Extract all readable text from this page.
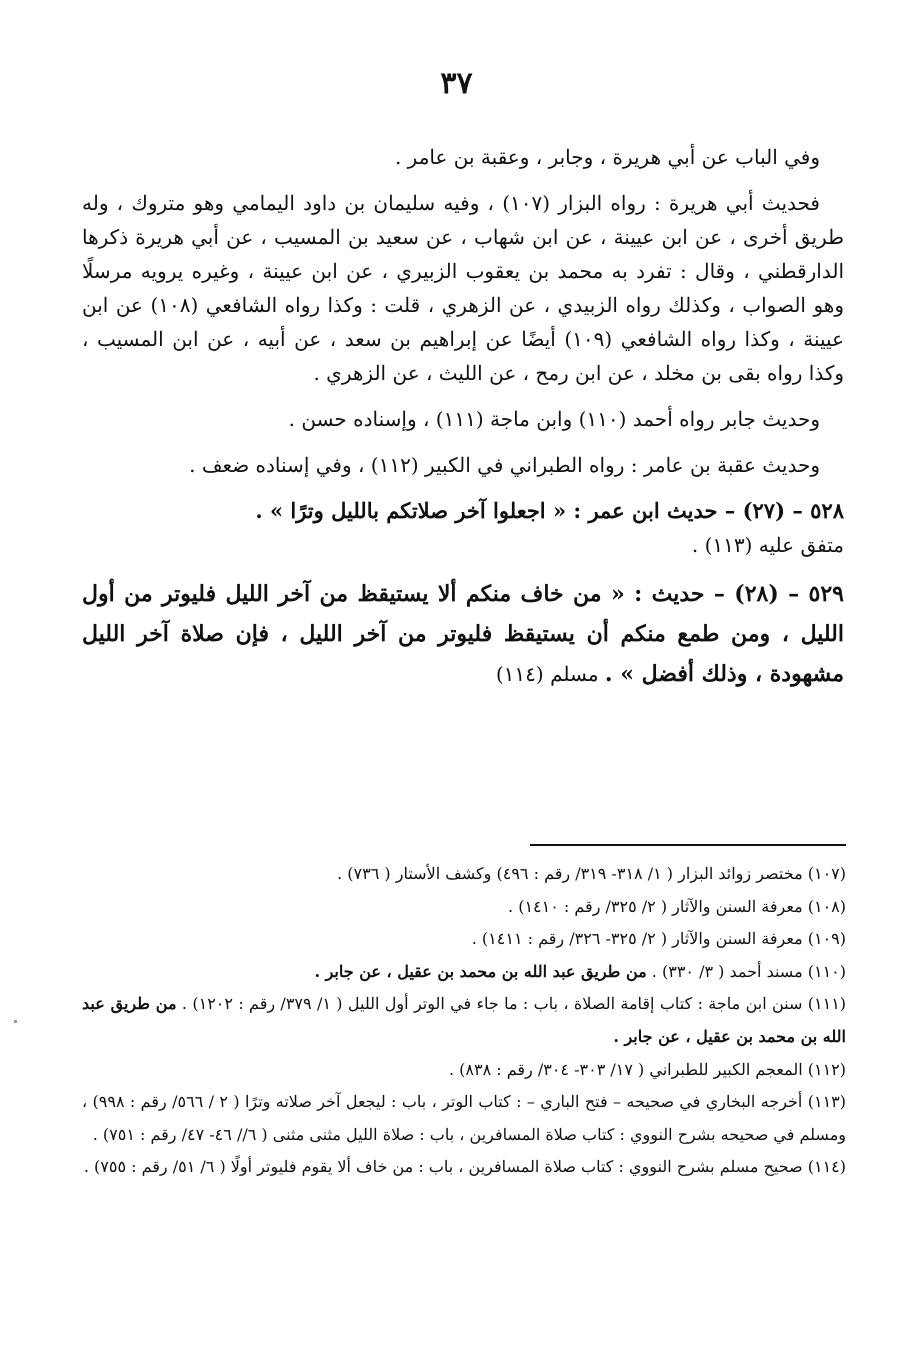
٣٧

وفي الباب عن أبي هريرة ، وجابر ، وعقبة بن عامر .

فحديث أبي هريرة : رواه البزار (١٠٧) ، وفيه سليمان بن داود اليمامي وهو متروك ، وله طريق أخرى ، عن ابن عيينة ، عن ابن شهاب ، عن سعيد بن المسيب ، عن أبي هريرة ذكرها الدارقطني ، وقال : تفرد به محمد بن يعقوب الزبيري ، عن ابن عيينة ، وغيره يرويه مرسلًا وهو الصواب ، وكذلك رواه الزبيدي ، عن الزهري ، قلت : وكذا رواه الشافعي (١٠٨) عن ابن عيينة ، وكذا رواه الشافعي (١٠٩) أيضًا عن إبراهيم بن سعد ، عن أبيه ، عن ابن المسيب ، وكذا رواه بقى بن مخلد ، عن ابن رمح ، عن الليث ، عن الزهري .

وحديث جابر رواه أحمد (١١٠) وابن ماجة (١١١) ، وإسناده حسن .

وحديث عقبة بن عامر : رواه الطبراني في الكبير (١١٢) ، وفي إسناده ضعف .

٥٢٨ – (٢٧) – حديث ابن عمر : « اجعلوا آخر صلاتكم بالليل وترًا » .

متفق عليه (١١٣) .

٥٢٩ – (٢٨) – حديث : « من خاف منكم ألا يستيقظ من آخر الليل فليوتر من أول الليل ، ومن طمع منكم أن يستيقظ فليوتر من آخر الليل ، فإن صلاة آخر الليل مشهودة ، وذلك أفضل » . مسلم (١١٤)

(١٠٧) مختصر زوائد البزار ( ١/ ٣١٨- ٣١٩/ رقم : ٤٩٦) وكشف الأستار ( ٧٣٦) .

(١٠٨) معرفة السنن والآثار ( ٢/ ٣٢٥/ رقم : ١٤١٠) .

(١٠٩) معرفة السنن والآثار ( ٢/ ٣٢٥- ٣٢٦/ رقم : ١٤١١) .

(١١٠) مسند أحمد ( ٣/ ٣٣٠) . من طريق عبد الله بن محمد بن عقيل ، عن جابر .

(١١١) سنن ابن ماجة : كتاب إقامة الصلاة ، باب : ما جاء في الوتر أول الليل ( ١/ ٣٧٩/ رقم : ١٢٠٢) . من طريق عبد الله بن محمد بن عقيل ، عن جابر .

(١١٢) المعجم الكبير للطبراني ( ١٧/ ٣٠٣- ٣٠٤/ رقم : ٨٣٨) .

(١١٣) أخرجه البخاري في صحيحه – فتح الباري – : كتاب الوتر ، باب : ليجعل آخر صلاته وترًا ( ٢ / ٥٦٦/ رقم : ٩٩٨) ، ومسلم في صحيحه بشرح النووي : كتاب صلاة المسافرين ، باب : صلاة الليل مثنى مثنى ( ٦// ٤٦- ٤٧/ رقم : ٧٥١) .

(١١٤) صحيح مسلم بشرح النووي : كتاب صلاة المسافرين ، باب : من خاف ألا يقوم فليوتر أولًا ( ٦/ ٥١/ رقم : ٧٥٥) .
